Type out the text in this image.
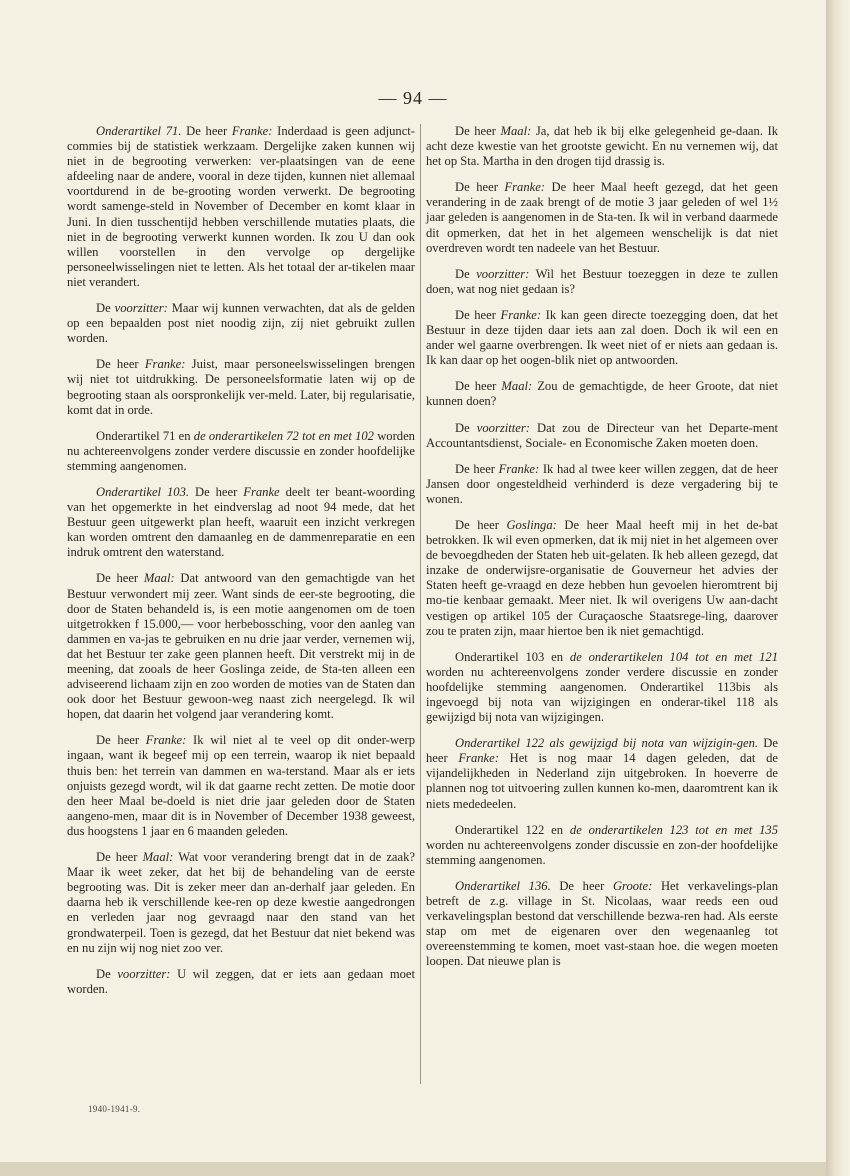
— 94 —

Onderartikel 71. De heer Franke: Inderdaad is geen adjunct-commies bij de statistiek werkzaam. Dergelijke zaken kunnen wij niet in de begrooting verwerken: ver-plaatsingen van de eene afdeeling naar de andere, vooral in deze tijden, kunnen niet allemaal voortdurend in de be-grooting worden verwerkt. De begrooting wordt samenge-steld in November of December en komt klaar in Juni. In dien tusschentijd hebben verschillende mutaties plaats, die niet in de begrooting verwerkt kunnen worden. Ik zou U dan ook willen voorstellen in den vervolge op dergelijke personeelwisselingen niet te letten. Als het totaal der ar-tikelen maar niet verandert.

De voorzitter: Maar wij kunnen verwachten, dat als de gelden op een bepaalden post niet noodig zijn, zij niet gebruikt zullen worden.

De heer Franke: Juist, maar personeelswisselingen brengen wij niet tot uitdrukking. De personeelsformatie laten wij op de begrooting staan als oorspronkelijk ver-meld. Later, bij regularisatie, komt dat in orde.

Onderartikel 71 en de onderartikelen 72 tot en met 102 worden nu achtereenvolgens zonder verdere discussie en zonder hoofdelijke stemming aangenomen.

Onderartikel 103. De heer Franke deelt ter beant-woording van het opgemerkte in het eindverslag ad noot 94 mede, dat het Bestuur geen uitgewerkt plan heeft, waaruit een inzicht verkregen kan worden omtrent den damaanleg en de dammenreparatie en een indruk omtrent den waterstand.

De heer Maal: Dat antwoord van den gemachtigde van het Bestuur verwondert mij zeer. Want sinds de eer-ste begrooting, die door de Staten behandeld is, is een motie aangenomen om de toen uitgetrokken f 15.000,— voor herbebossching, voor den aanleg van dammen en va-jas te gebruiken en nu drie jaar verder, vernemen wij, dat het Bestuur ter zake geen plannen heeft. Dit verstrekt mij in de meening, dat zooals de heer Goslinga zeide, de Sta-ten alleen een adviseerend lichaam zijn en zoo worden de moties van de Staten dan ook door het Bestuur gewoon-weg naast zich neergelegd. Ik wil hopen, dat daarin het volgend jaar verandering komt.

De heer Franke: Ik wil niet al te veel op dit onder-werp ingaan, want ik begeef mij op een terrein, waarop ik niet bepaald thuis ben: het terrein van dammen en wa-terstand. Maar als er iets onjuists gezegd wordt, wil ik dat gaarne recht zetten. De motie door den heer Maal be-doeld is niet drie jaar geleden door de Staten aangeno-men, maar dit is in November of December 1938 geweest, dus hoogstens 1 jaar en 6 maanden geleden.

De heer Maal: Wat voor verandering brengt dat in de zaak? Maar ik weet zeker, dat het bij de behandeling van de eerste begrooting was. Dit is zeker meer dan an-derhalf jaar geleden. En daarna heb ik verschillende kee-ren op deze kwestie aangedrongen en verleden jaar nog gevraagd naar den stand van het grondwaterpeil. Toen is gezegd, dat het Bestuur dat niet bekend was en nu zijn wij nog niet zoo ver.

De voorzitter: U wil zeggen, dat er iets aan gedaan moet worden.

De heer Maal: Ja, dat heb ik bij elke gelegenheid ge-daan. Ik acht deze kwestie van het grootste gewicht. En nu vernemen wij, dat het op Sta. Martha in den drogen tijd drassig is.

De heer Franke: De heer Maal heeft gezegd, dat het geen verandering in de zaak brengt of de motie 3 jaar geleden of wel 1½ jaar geleden is aangenomen in de Sta-ten. Ik wil in verband daarmede dit opmerken, dat het in het algemeen wenschelijk is dat niet overdreven wordt ten nadeele van het Bestuur.

De voorzitter: Wil het Bestuur toezeggen in deze te zullen doen, wat nog niet gedaan is?

De heer Franke: Ik kan geen directe toezegging doen, dat het Bestuur in deze tijden daar iets aan zal doen. Doch ik wil een en ander wel gaarne overbrengen. Ik weet niet of er niets aan gedaan is. Ik kan daar op het oogen-blik niet op antwoorden.

De heer Maal: Zou de gemachtigde, de heer Groote, dat niet kunnen doen?

De voorzitter: Dat zou de Directeur van het Departe-ment Accountantsdienst, Sociale- en Economische Zaken moeten doen.

De heer Franke: Ik had al twee keer willen zeggen, dat de heer Jansen door ongesteldheid verhinderd is deze vergadering bij te wonen.

De heer Goslinga: De heer Maal heeft mij in het de-bat betrokken. Ik wil even opmerken, dat ik mij niet in het algemeen over de bevoegdheden der Staten heb uit-gelaten. Ik heb alleen gezegd, dat inzake de onderwijsre-organisatie de Gouverneur het advies der Staten heeft ge-vraagd en deze hebben hun gevoelen hieromtrent bij mo-tie kenbaar gemaakt. Meer niet. Ik wil overigens Uw aan-dacht vestigen op artikel 105 der Curaçaosche Staatsrege-ling, daarover zou te praten zijn, maar hiertoe ben ik niet gemachtigd.

Onderartikel 103 en de onderartikelen 104 tot en met 121 worden nu achtereenvolgens zonder verdere discussie en zonder hoofdelijke stemming aangenomen. Onderartikel 113bis als ingevoegd bij nota van wijzigingen en onderar-tikel 118 als gewijzigd bij nota van wijzigingen.

Onderartikel 122 als gewijzigd bij nota van wijzigin-gen. De heer Franke: Het is nog maar 14 dagen geleden, dat de vijandelijkheden in Nederland zijn uitgebroken. In hoeverre de plannen nog tot uitvoering zullen kunnen ko-men, daaromtrent kan ik niets mededeelen.

Onderartikel 122 en de onderartikelen 123 tot en met 135 worden nu achtereenvolgens zonder discussie en zon-der hoofdelijke stemming aangenomen.

Onderartikel 136. De heer Groote: Het verkavelings-plan betreft de z.g. village in St. Nicolaas, waar reeds een oud verkavelingsplan bestond dat verschillende bezwa-ren had. Als eerste stap om met de eigenaren over den wegenaanleg tot overeenstemming te komen, moet vast-staan hoe. die wegen moeten loopen. Dat nieuwe plan is

1940-1941-9.
